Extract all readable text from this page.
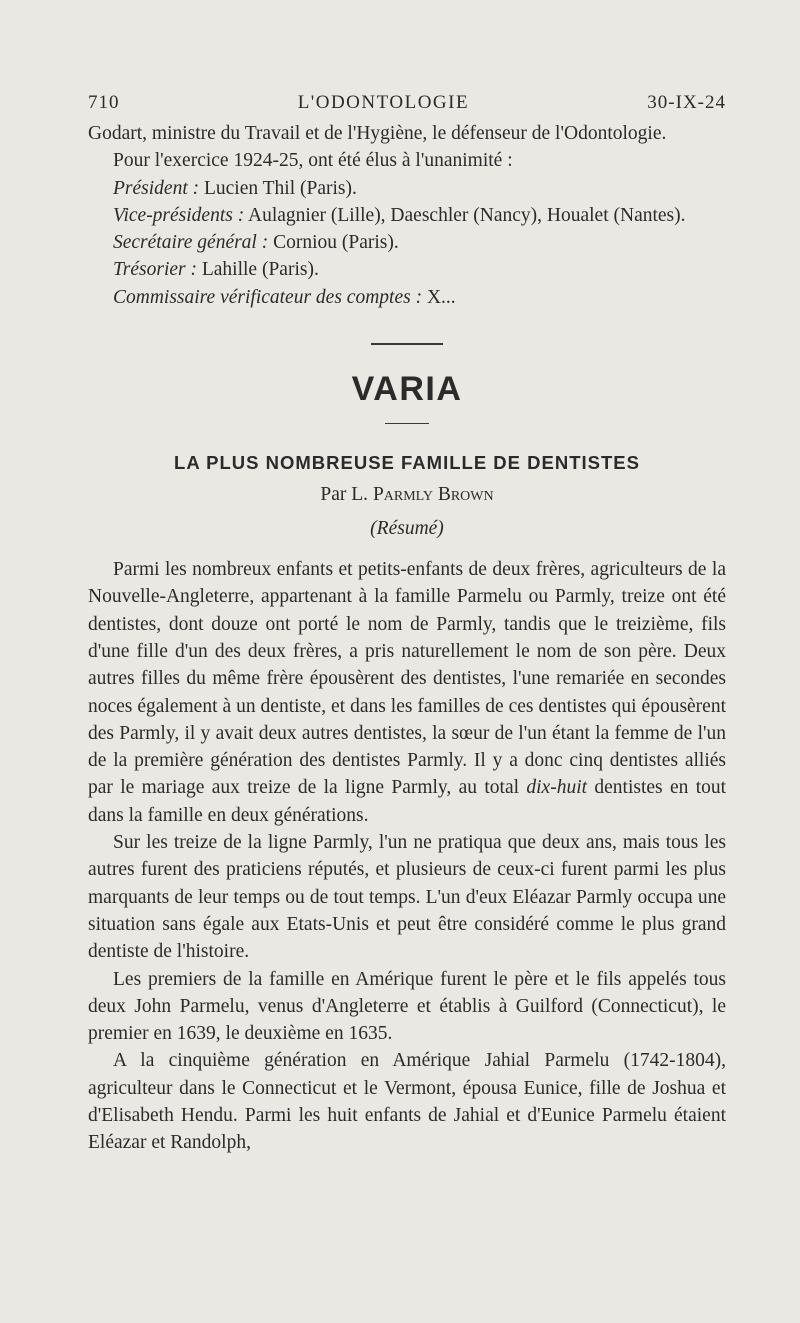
710	L'ODONTOLOGIE	30-IX-24

Godart, ministre du Travail et de l'Hygiène, le défenseur de l'Odontologie.

Pour l'exercice 1924-25, ont été élus à l'unanimité :

Président : Lucien Thil (Paris).

Vice-présidents : Aulagnier (Lille), Daeschler (Nancy), Houalet (Nantes).

Secrétaire général : Corniou (Paris).

Trésorier : Lahille (Paris).

Commissaire vérificateur des comptes : X...

VARIA
LA PLUS NOMBREUSE FAMILLE DE DENTISTES
Par L. Parmly Brown
(Résumé)

Parmi les nombreux enfants et petits-enfants de deux frères, agriculteurs de la Nouvelle-Angleterre, appartenant à la famille Parmelu ou Parmly, treize ont été dentistes, dont douze ont porté le nom de Parmly, tandis que le treizième, fils d'une fille d'un des deux frères, a pris naturellement le nom de son père. Deux autres filles du même frère épousèrent des dentistes, l'une remariée en secondes noces également à un dentiste, et dans les familles de ces dentistes qui épousèrent des Parmly, il y avait deux autres dentistes, la sœur de l'un étant la femme de l'un de la première génération des dentistes Parmly. Il y a donc cinq dentistes alliés par le mariage aux treize de la ligne Parmly, au total dix-huit dentistes en tout dans la famille en deux générations.

Sur les treize de la ligne Parmly, l'un ne pratiqua que deux ans, mais tous les autres furent des praticiens réputés, et plusieurs de ceux-ci furent parmi les plus marquants de leur temps ou de tout temps. L'un d'eux Eléazar Parmly occupa une situation sans égale aux Etats-Unis et peut être considéré comme le plus grand dentiste de l'histoire.

Les premiers de la famille en Amérique furent le père et le fils appelés tous deux John Parmelu, venus d'Angleterre et établis à Guilford (Connecticut), le premier en 1639, le deuxième en 1635.

A la cinquième génération en Amérique Jahial Parmelu (1742-1804), agriculteur dans le Connecticut et le Vermont, épousa Eunice, fille de Joshua et d'Elisabeth Hendu. Parmi les huit enfants de Jahial et d'Eunice Parmelu étaient Eléazar et Randolph,
